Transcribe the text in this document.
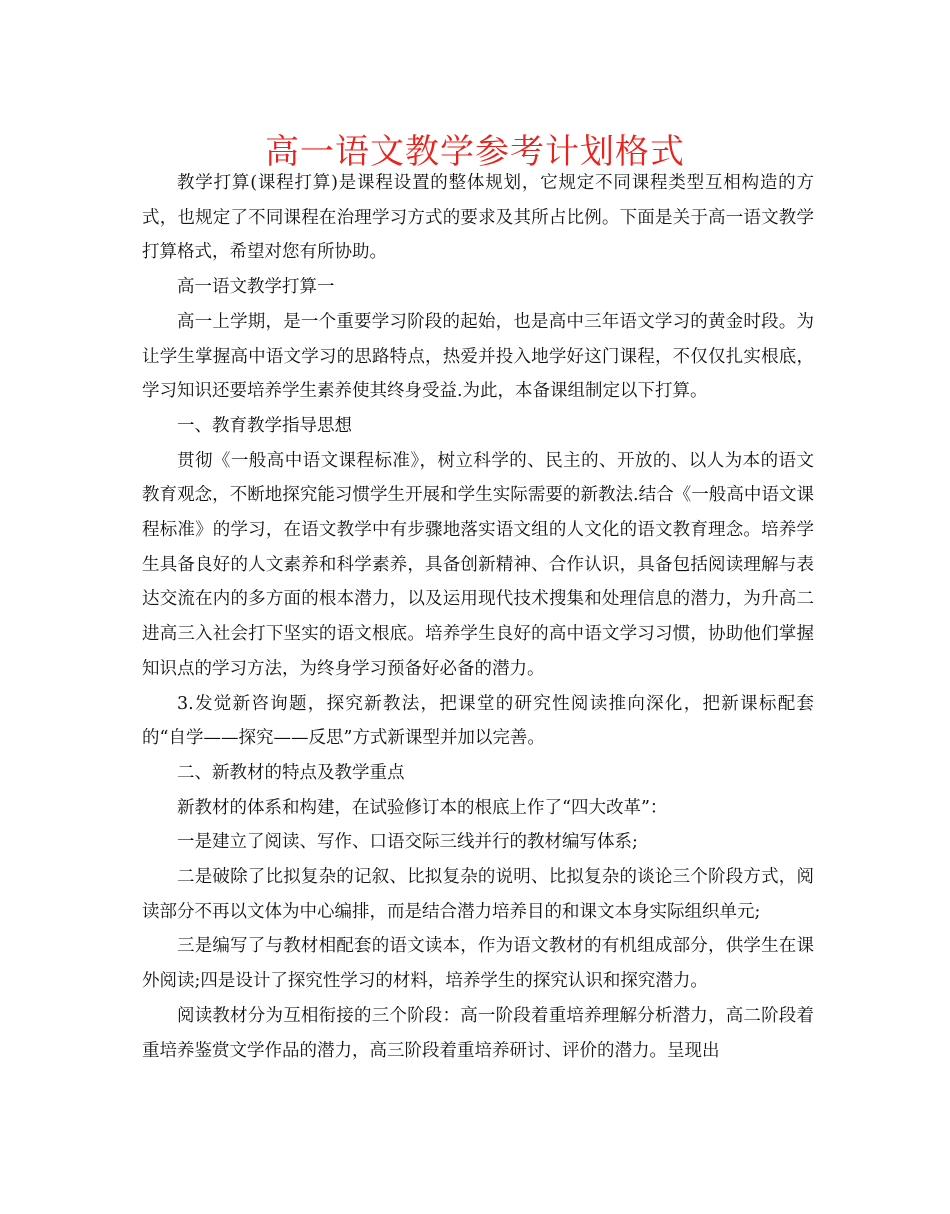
高一语文教学参考计划格式

教学打算(课程打算)是课程设置的整体规划，它规定不同课程类型互相构造的方式，也规定了不同课程在治理学习方式的要求及其所占比例。下面是关于高一语文教学打算格式，希望对您有所协助。

高一语文教学打算一

高一上学期，是一个重要学习阶段的起始，也是高中三年语文学习的黄金时段。为让学生掌握高中语文学习的思路特点，热爱并投入地学好这门课程，不仅仅扎实根底，学习知识还要培养学生素养使其终身受益.为此，本备课组制定以下打算。

一、教育教学指导思想

贯彻《一般高中语文课程标准》，树立科学的、民主的、开放的、以人为本的语文教育观念，不断地探究能习惯学生开展和学生实际需要的新教法.结合《一般高中语文课程标准》的学习，在语文教学中有步骤地落实语文组的人文化的语文教育理念。培养学生具备良好的人文素养和科学素养，具备创新精神、合作认识，具备包括阅读理解与表达交流在内的多方面的根本潜力，以及运用现代技术搜集和处理信息的潜力，为升高二进高三入社会打下坚实的语文根底。培养学生良好的高中语文学习习惯，协助他们掌握知识点的学习方法，为终身学习预备好必备的潜力。

3.发觉新咨询题，探究新教法，把课堂的研究性阅读推向深化，把新课标配套的“自学——探究——反思”方式新课型并加以完善。

二、新教材的特点及教学重点

新教材的体系和构建，在试验修订本的根底上作了“四大改革”：

一是建立了阅读、写作、口语交际三线并行的教材编写体系;

二是破除了比拟复杂的记叙、比拟复杂的说明、比拟复杂的谈论三个阶段方式，阅读部分不再以文体为中心编排，而是结合潜力培养目的和课文本身实际组织单元;

三是编写了与教材相配套的语文读本，作为语文教材的有机组成部分，供学生在课外阅读;四是设计了探究性学习的材料，培养学生的探究认识和探究潜力。

阅读教材分为互相衔接的三个阶段：高一阶段着重培养理解分析潜力，高二阶段着重培养鉴赏文学作品的潜力，高三阶段着重培养研讨、评价的潜力。呈现出
